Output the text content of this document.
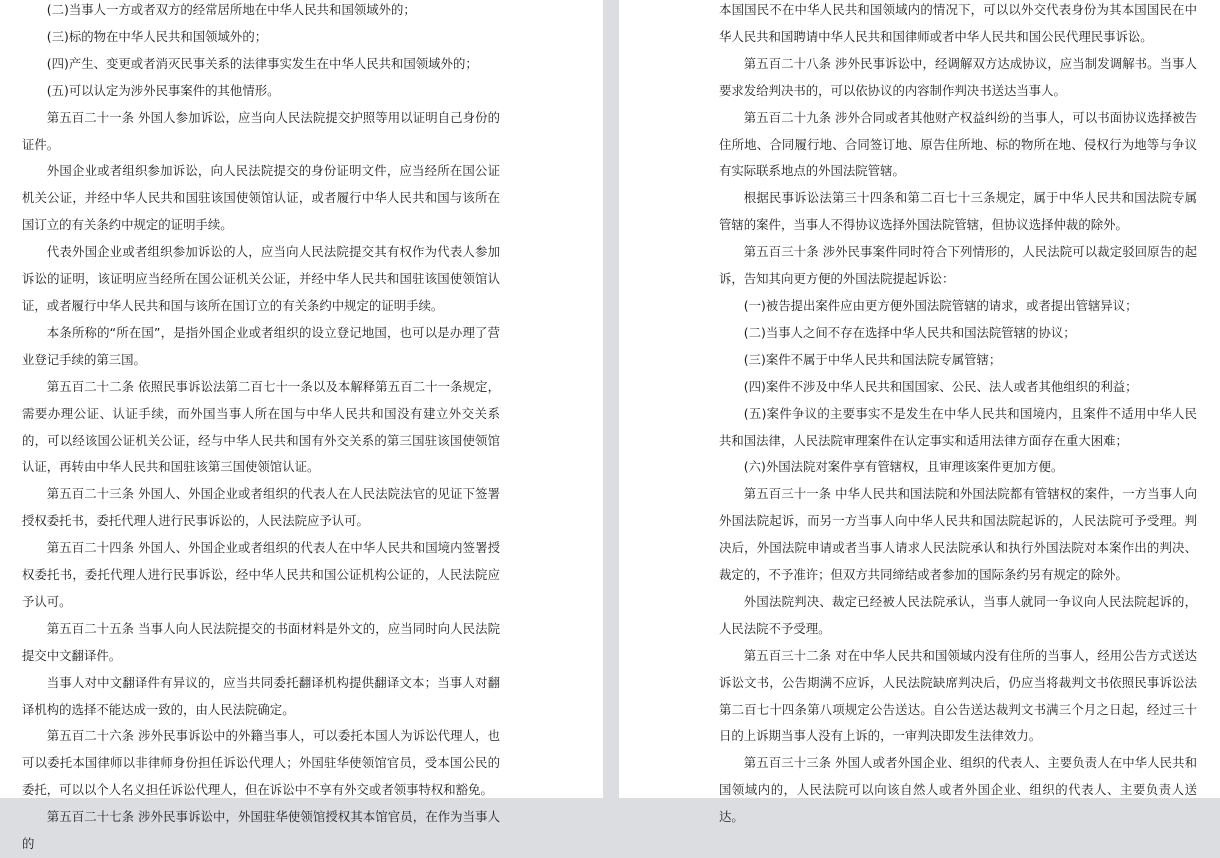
(二)当事人一方或者双方的经常居所地在中华人民共和国领域外的；

(三)标的物在中华人民共和国领域外的；

(四)产生、变更或者消灭民事关系的法律事实发生在中华人民共和国领域外的；

(五)可以认定为涉外民事案件的其他情形。

第五百二十一条 外国人参加诉讼，应当向人民法院提交护照等用以证明自己身份的证件。

外国企业或者组织参加诉讼，向人民法院提交的身份证明文件，应当经所在国公证机关公证，并经中华人民共和国驻该国使领馆认证，或者履行中华人民共和国与该所在国订立的有关条约中规定的证明手续。

代表外国企业或者组织参加诉讼的人，应当向人民法院提交其有权作为代表人参加诉讼的证明，该证明应当经所在国公证机关公证，并经中华人民共和国驻该国使领馆认证，或者履行中华人民共和国与该所在国订立的有关条约中规定的证明手续。

本条所称的“所在国”，是指外国企业或者组织的设立登记地国，也可以是办理了营业登记手续的第三国。

第五百二十二条 依照民事诉讼法第二百七十一条以及本解释第五百二十一条规定，需要办理公证、认证手续，而外国当事人所在国与中华人民共和国没有建立外交关系的，可以经该国公证机关公证，经与中华人民共和国有外交关系的第三国驻该国使领馆认证，再转由中华人民共和国驻该第三国使领馆认证。

第五百二十三条 外国人、外国企业或者组织的代表人在人民法院法官的见证下签署授权委托书，委托代理人进行民事诉讼的，人民法院应予认可。

第五百二十四条 外国人、外国企业或者组织的代表人在中华人民共和国境内签署授权委托书，委托代理人进行民事诉讼，经中华人民共和国公证机构公证的，人民法院应予认可。

第五百二十五条 当事人向人民法院提交的书面材料是外文的，应当同时向人民法院提交中文翻译件。

当事人对中文翻译件有异议的，应当共同委托翻译机构提供翻译文本；当事人对翻译机构的选择不能达成一致的，由人民法院确定。

第五百二十六条 涉外民事诉讼中的外籍当事人，可以委托本国人为诉讼代理人，也可以委托本国律师以非律师身份担任诉讼代理人；外国驻华使领馆官员，受本国公民的委托，可以以个人名义担任诉讼代理人，但在诉讼中不享有外交或者领事特权和豁免。

第五百二十七条 涉外民事诉讼中，外国驻华使领馆授权其本馆官员，在作为当事人的

本国国民不在中华人民共和国领域内的情况下，可以以外交代表身份为其本国国民在中华人民共和国聘请中华人民共和国律师或者中华人民共和国公民代理民事诉讼。

第五百二十八条 涉外民事诉讼中，经调解双方达成协议，应当制发调解书。当事人要求发给判决书的，可以依协议的内容制作判决书送达当事人。

第五百二十九条 涉外合同或者其他财产权益纠纷的当事人，可以书面协议选择被告住所地、合同履行地、合同签订地、原告住所地、标的物所在地、侵权行为地等与争议有实际联系地点的外国法院管辖。

根据民事诉讼法第三十四条和第二百七十三条规定，属于中华人民共和国法院专属管辖的案件，当事人不得协议选择外国法院管辖，但协议选择仲裁的除外。

第五百三十条 涉外民事案件同时符合下列情形的，人民法院可以裁定驳回原告的起诉，告知其向更方便的外国法院提起诉讼：

(一)被告提出案件应由更方便外国法院管辖的请求，或者提出管辖异议；

(二)当事人之间不存在选择中华人民共和国法院管辖的协议；

(三)案件不属于中华人民共和国法院专属管辖；

(四)案件不涉及中华人民共和国国家、公民、法人或者其他组织的利益；

(五)案件争议的主要事实不是发生在中华人民共和国境内，且案件不适用中华人民共和国法律，人民法院审理案件在认定事实和适用法律方面存在重大困难；

(六)外国法院对案件享有管辖权，且审理该案件更加方便。

第五百三十一条 中华人民共和国法院和外国法院都有管辖权的案件，一方当事人向外国法院起诉，而另一方当事人向中华人民共和国法院起诉的，人民法院可予受理。判决后，外国法院申请或者当事人请求人民法院承认和执行外国法院对本案作出的判决、裁定的，不予准许；但双方共同缔结或者参加的国际条约另有规定的除外。

外国法院判决、裁定已经被人民法院承认，当事人就同一争议向人民法院起诉的，人民法院不予受理。

第五百三十二条 对在中华人民共和国领域内没有住所的当事人，经用公告方式送达诉讼文书，公告期满不应诉，人民法院缺席判决后，仍应当将裁判文书依照民事诉讼法第二百七十四条第八项规定公告送达。自公告送达裁判文书满三个月之日起，经过三十日的上诉期当事人没有上诉的，一审判决即发生法律效力。

第五百三十三条 外国人或者外国企业、组织的代表人、主要负责人在中华人民共和国领域内的，人民法院可以向该自然人或者外国企业、组织的代表人、主要负责人送达。
